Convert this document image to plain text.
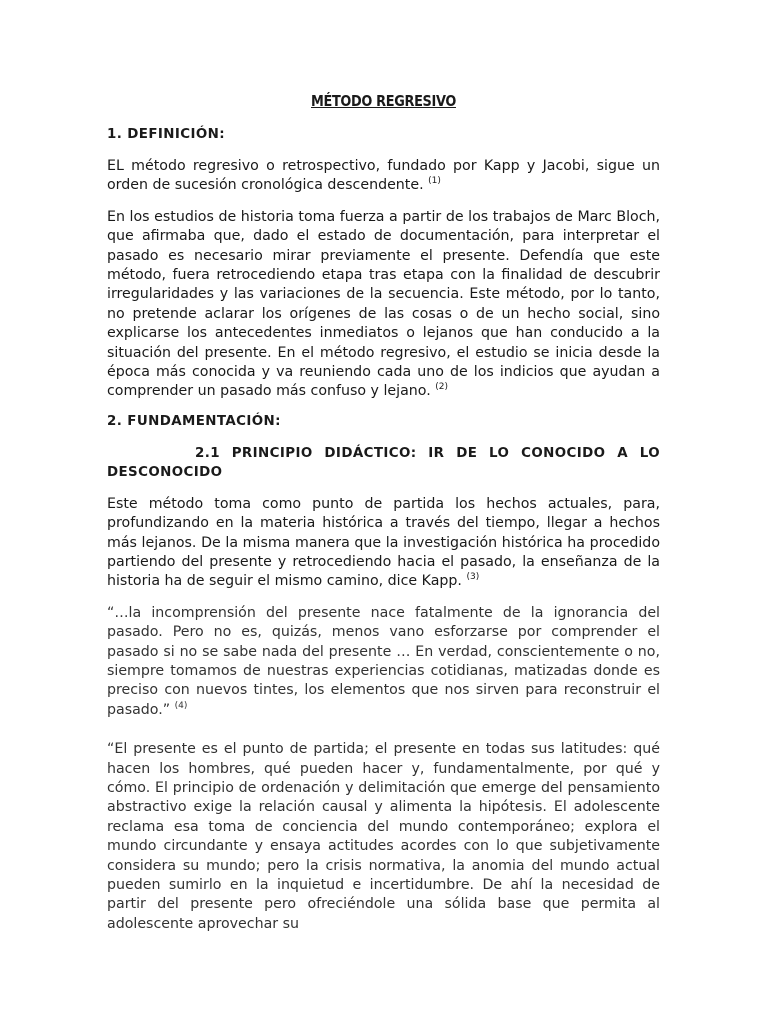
MÉTODO REGRESIVO
1. DEFINICIÓN:

EL método regresivo o retrospectivo, fundado por Kapp y Jacobi, sigue un orden de sucesión cronológica descendente. $^{(1)}$

En los estudios de historia toma fuerza a partir de los trabajos de Marc Bloch, que afirmaba que, dado el estado de documentación, para interpretar el pasado es necesario mirar previamente el presente. Defendía que este método, fuera retrocediendo etapa tras etapa con la finalidad de descubrir irregularidades y las variaciones de la secuencia. Este método, por lo tanto, no pretende aclarar los orígenes de las cosas o de un hecho social, sino explicarse los antecedentes inmediatos o lejanos que han conducido a la situación del presente. En el método regresivo, el estudio se inicia desde la época más conocida y va reuniendo cada uno de los indicios que ayudan a comprender un pasado más confuso y lejano. $^{(2)}$

2. FUNDAMENTACIÓN:
2.1 PRINCIPIO DIDÁCTICO: IR DE LO CONOCIDO A LO DESCONOCIDO

Este método toma como punto de partida los hechos actuales, para, profundizando en la materia histórica a través del tiempo, llegar a hechos más lejanos. De la misma manera que la investigación histórica ha procedido partiendo del presente y retrocediendo hacia el pasado, la enseñanza de la historia ha de seguir el mismo camino, dice Kapp. $^{(3)}$

“…la incomprensión del presente nace fatalmente de la ignorancia del pasado. Pero no es, quizás, menos vano esforzarse por comprender el pasado si no se sabe nada del presente … En verdad, conscientemente o no, siempre tomamos de nuestras experiencias cotidianas, matizadas donde es preciso con nuevos tintes, los elementos que nos sirven para reconstruir el pasado.” $^{(4)}$

“El presente es el punto de partida; el presente en todas sus latitudes: qué hacen los hombres, qué pueden hacer y, fundamentalmente, por qué y cómo. El principio de ordenación y delimitación que emerge del pensamiento abstractivo exige la relación causal y alimenta la hipótesis. El adolescente reclama esa toma de conciencia del mundo contemporáneo; explora el mundo circundante y ensaya actitudes acordes con lo que subjetivamente considera su mundo; pero la crisis normativa, la anomia del mundo actual pueden sumirlo en la inquietud e incertidumbre. De ahí la necesidad de partir del presente pero ofreciéndole una sólida base que permita al adolescente aprovechar su
